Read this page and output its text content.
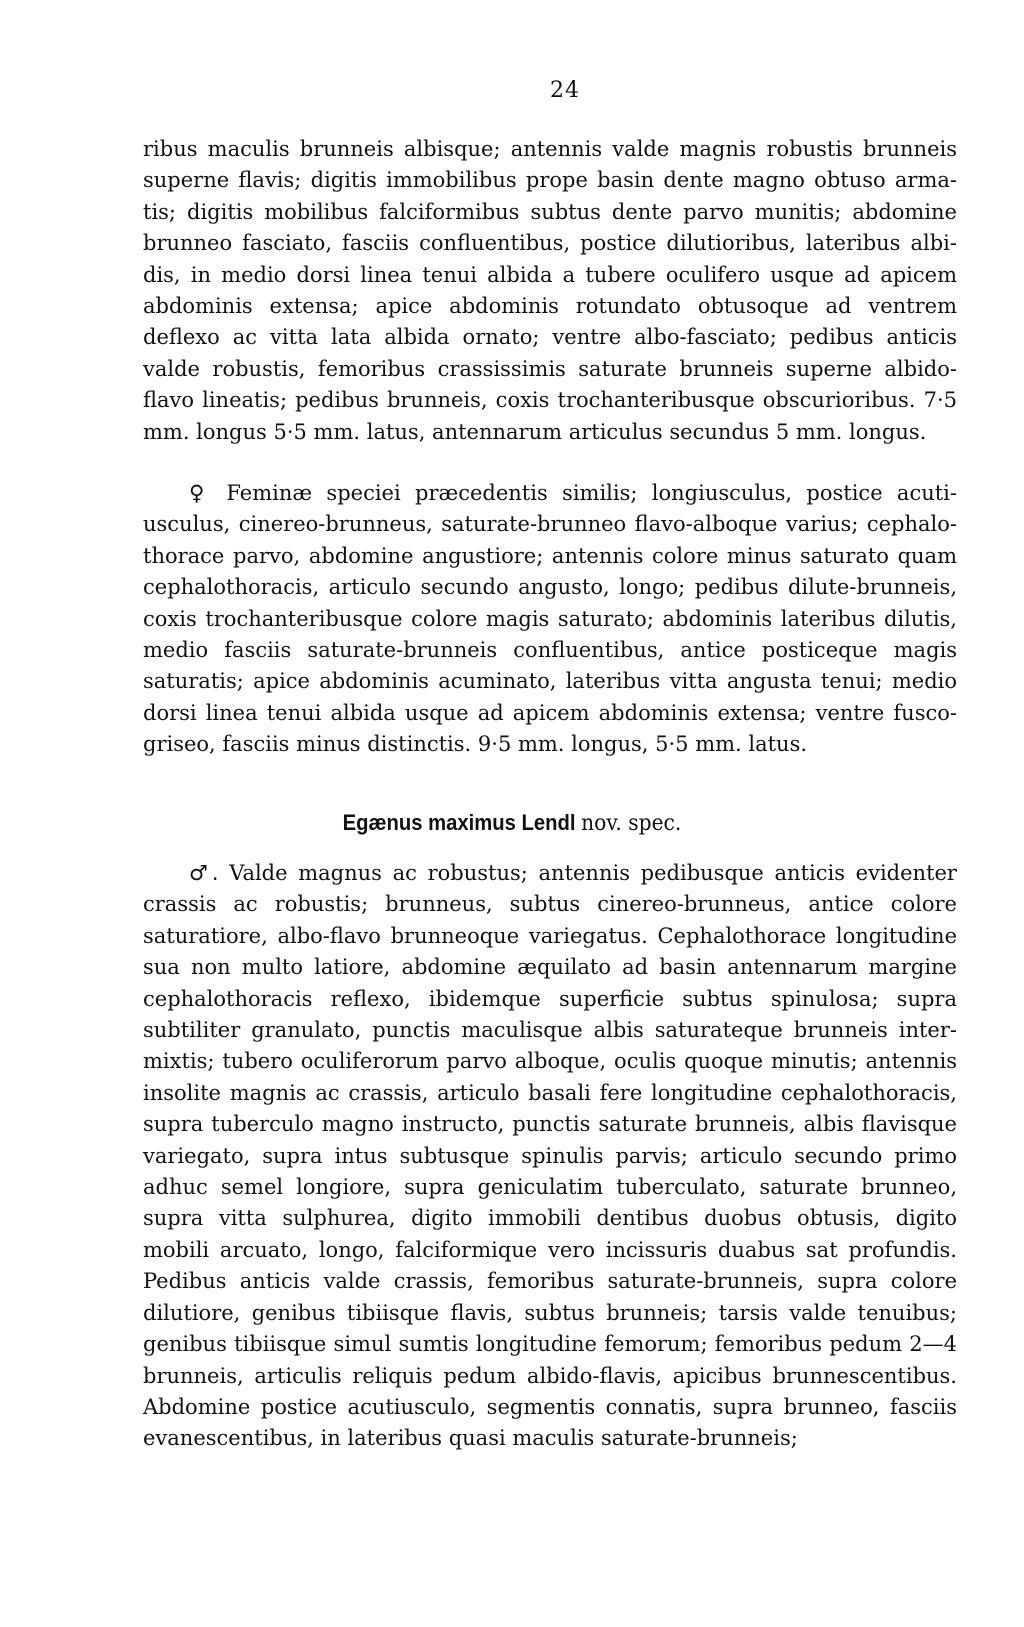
24

ribus maculis brunneis albisque; antennis valde magnis robustis brunneis superne flavis; digitis immobilibus prope basin dente magno obtuso armatis; digitis mobilibus falciformibus subtus dente parvo munitis; abdomine brunneo fasciato, fasciis confluentibus, postice dilutioribus, lateribus albidis, in medio dorsi linea tenui albida a tubere oculifero usque ad apicem abdominis extensa; apice abdominis rotundato obtusoque ad ventrem deflexo ac vitta lata albida ornato; ventre albo-fasciato; pedibus anticis valde robustis, femoribus crassissimis saturate brunneis superne albido-flavo lineatis; pedibus brunneis, coxis trochanteribusque obscurioribus. 7·5 mm. longus 5·5 mm. latus, antennarum articulus secundus 5 mm. longus.

♀ Feminæ speciei præcedentis similis; longiusculus, postice acutiusculus, cinereo-brunneus, saturate-brunneo flavo-alboque varius; cephalothorace parvo, abdomine angustiore; antennis colore minus saturato quam cephalothoracis, articulo secundo angusto, longo; pedibus dilute-brunneis, coxis trochanteribusque colore magis saturato; abdominis lateribus dilutis, medio fasciis saturate-brunneis confluentibus, antice posticeque magis saturatis; apice abdominis acuminato, lateribus vitta angusta tenui; medio dorsi linea tenui albida usque ad apicem abdominis extensa; ventre fuscogriseo, fasciis minus distinctis. 9·5 mm. longus, 5·5 mm. latus.

Egænus maximus Lendl nov. spec.

♂. Valde magnus ac robustus; antennis pedibusque anticis evidenter crassis ac robustis; brunneus, subtus cinereo-brunneus, antice colore saturatiore, albo-flavo brunneoque variegatus. Cephalothorace longitudine sua non multo latiore, abdomine æquilato ad basin antennarum margine cephalothoracis reflexo, ibidemque superficie subtus spinulosa; supra subtiliter granulato, punctis maculisque albis saturateque brunneis intermixtis; tubero oculiferorum parvo alboque, oculis quoque minutis; antennis insolite magnis ac crassis, articulo basali fere longitudine cephalothoracis, supra tuberculo magno instructo, punctis saturate brunneis, albis flavisque variegato, supra intus subtusque spinulis parvis; articulo secundo primo adhuc semel longiore, supra geniculatim tuberculato, saturate brunneo, supra vitta sulphurea, digito immobili dentibus duobus obtusis, digito mobili arcuato, longo, falciformique vero incissuris duabus sat profundis. Pedibus anticis valde crassis, femoribus saturate-brunneis, supra colore dilutiore, genibus tibiisque flavis, subtus brunneis; tarsis valde tenuibus; genibus tibiisque simul sumtis longitudine femorum; femoribus pedum 2—4 brunneis, articulis reliquis pedum albido-flavis, apicibus brunnescentibus. Abdomine postice acutiusculo, segmentis connatis, supra brunneo, fasciis evanescentibus, in lateribus quasi maculis saturate-brunneis;
